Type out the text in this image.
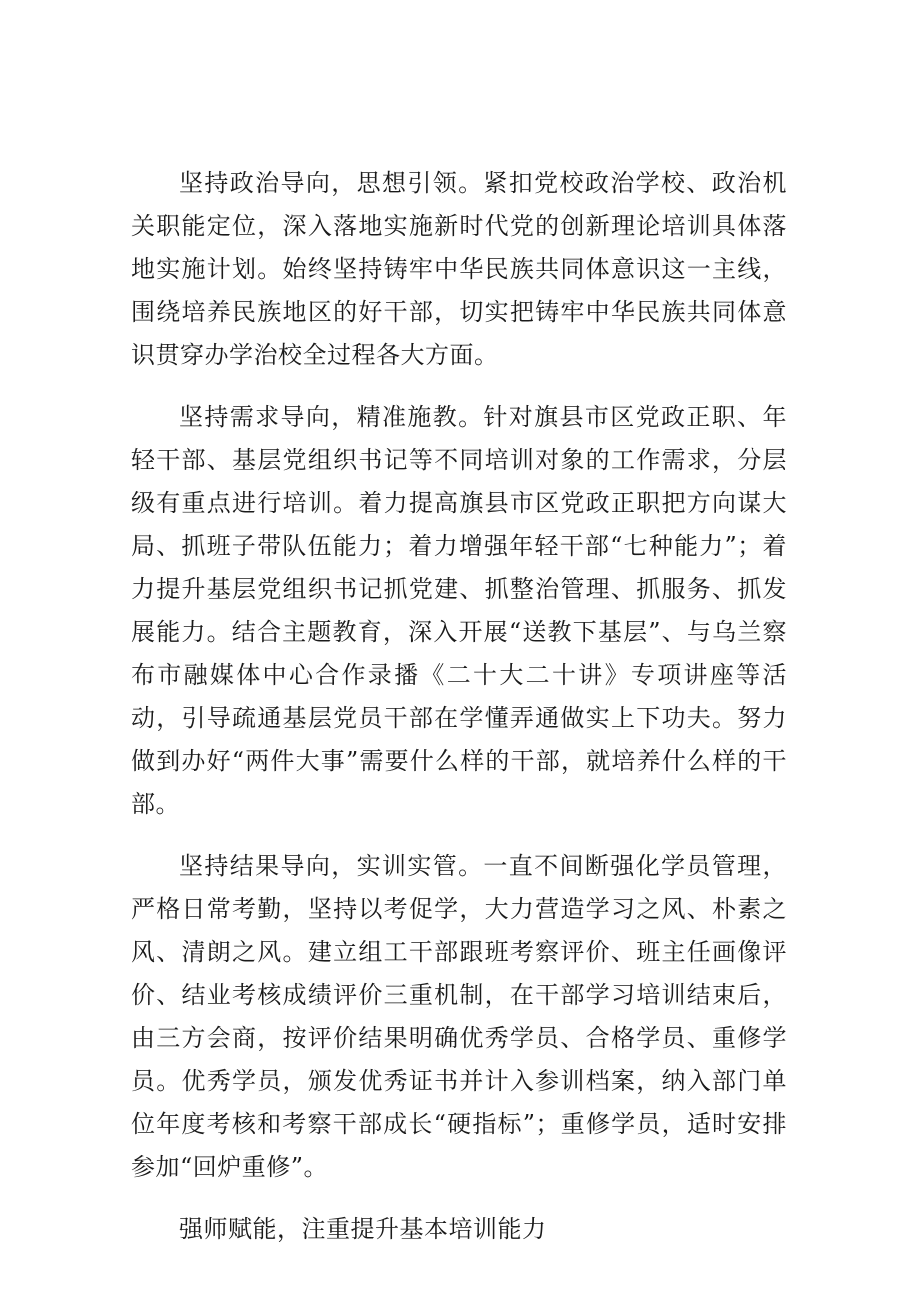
坚持政治导向，思想引领。紧扣党校政治学校、政治机关职能定位，深入落地实施新时代党的创新理论培训具体落地实施计划。始终坚持铸牢中华民族共同体意识这一主线，围绕培养民族地区的好干部，切实把铸牢中华民族共同体意识贯穿办学治校全过程各大方面。

坚持需求导向，精准施教。针对旗县市区党政正职、年轻干部、基层党组织书记等不同培训对象的工作需求，分层级有重点进行培训。着力提高旗县市区党政正职把方向谋大局、抓班子带队伍能力；着力增强年轻干部“七种能力”；着力提升基层党组织书记抓党建、抓整治管理、抓服务、抓发展能力。结合主题教育，深入开展“送教下基层”、与乌兰察布市融媒体中心合作录播《二十大二十讲》专项讲座等活动，引导疏通基层党员干部在学懂弄通做实上下功夫。努力做到办好“两件大事”需要什么样的干部，就培养什么样的干部。

坚持结果导向，实训实管。一直不间断强化学员管理，严格日常考勤，坚持以考促学，大力营造学习之风、朴素之风、清朗之风。建立组工干部跟班考察评价、班主任画像评价、结业考核成绩评价三重机制，在干部学习培训结束后，由三方会商，按评价结果明确优秀学员、合格学员、重修学员。优秀学员，颁发优秀证书并计入参训档案，纳入部门单位年度考核和考察干部成长“硬指标”；重修学员，适时安排参加“回炉重修”。

强师赋能，注重提升基本培训能力
